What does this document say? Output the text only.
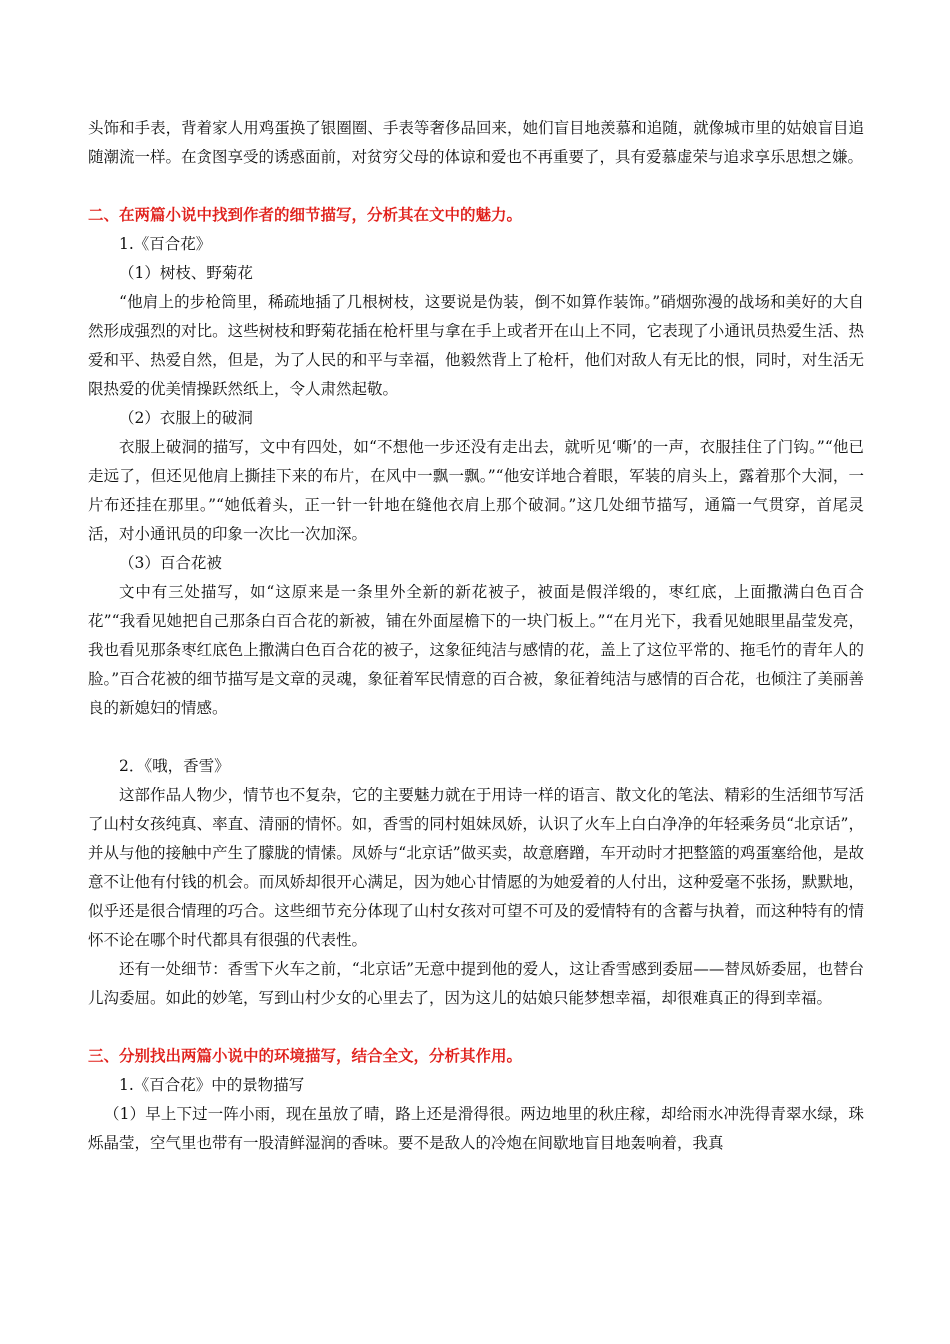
头饰和手表，背着家人用鸡蛋换了银圈圈、手表等奢侈品回来，她们盲目地羡慕和追随，就像城市里的姑娘盲目追随潮流一样。在贪图享受的诱惑面前，对贫穷父母的体谅和爱也不再重要了，具有爱慕虚荣与追求享乐思想之嫌。

二、在两篇小说中找到作者的细节描写，分析其在文中的魅力。

1.《百合花》

（1）树枝、野菊花

“他肩上的步枪筒里，稀疏地插了几根树枝，这要说是伪装，倒不如算作装饰。”硝烟弥漫的战场和美好的大自然形成强烈的对比。这些树枝和野菊花插在枪杆里与拿在手上或者开在山上不同，它表现了小通讯员热爱生活、热爱和平、热爱自然，但是，为了人民的和平与幸福，他毅然背上了枪杆，他们对敌人有无比的恨，同时，对生活无限热爱的优美情操跃然纸上，令人肃然起敬。

（2）衣服上的破洞

衣服上破洞的描写，文中有四处，如“不想他一步还没有走出去，就听见‘嘶’的一声，衣服挂住了门钩。”“他已走远了，但还见他肩上撕挂下来的布片，在风中一飘一飘。”“他安详地合着眼，军装的肩头上，露着那个大洞，一片布还挂在那里。”“她低着头，正一针一针地在缝他衣肩上那个破洞。”这几处细节描写，通篇一气贯穿，首尾灵活，对小通讯员的印象一次比一次加深。

（3）百合花被

文中有三处描写，如“这原来是一条里外全新的新花被子，被面是假洋缎的，枣红底，上面撒满白色百合花”“我看见她把自己那条白百合花的新被，铺在外面屋檐下的一块门板上。”“在月光下，我看见她眼里晶莹发亮，我也看见那条枣红底色上撒满白色百合花的被子，这象征纯洁与感情的花，盖上了这位平常的、拖毛竹的青年人的脸。”百合花被的细节描写是文章的灵魂，象征着军民情意的百合被，象征着纯洁与感情的百合花，也倾注了美丽善良的新媳妇的情感。

2．《哦，香雪》

这部作品人物少，情节也不复杂，它的主要魅力就在于用诗一样的语言、散文化的笔法、精彩的生活细节写活了山村女孩纯真、率直、清丽的情怀。如，香雪的同村姐妹凤娇，认识了火车上白白净净的年轻乘务员“北京话”，并从与他的接触中产生了朦胧的情愫。凤娇与“北京话”做买卖，故意磨蹭，车开动时才把整篮的鸡蛋塞给他，是故意不让他有付钱的机会。而凤娇却很开心满足，因为她心甘情愿的为她爱着的人付出，这种爱毫不张扬，默默地，似乎还是很合情理的巧合。这些细节充分体现了山村女孩对可望不可及的爱情特有的含蓄与执着，而这种特有的情怀不论在哪个时代都具有很强的代表性。

还有一处细节：香雪下火车之前，“北京话”无意中提到他的爱人，这让香雪感到委屈——替凤娇委屈，也替台儿沟委屈。如此的妙笔，写到山村少女的心里去了，因为这儿的姑娘只能梦想幸福，却很难真正的得到幸福。

三、分别找出两篇小说中的环境描写，结合全文，分析其作用。

1.《百合花》中的景物描写

（1）早上下过一阵小雨，现在虽放了晴，路上还是滑得很。两边地里的秋庄稼，却给雨水冲洗得青翠水绿，珠烁晶莹，空气里也带有一股清鲜湿润的香味。要不是敌人的冷炮在间歇地盲目地轰响着，我真
